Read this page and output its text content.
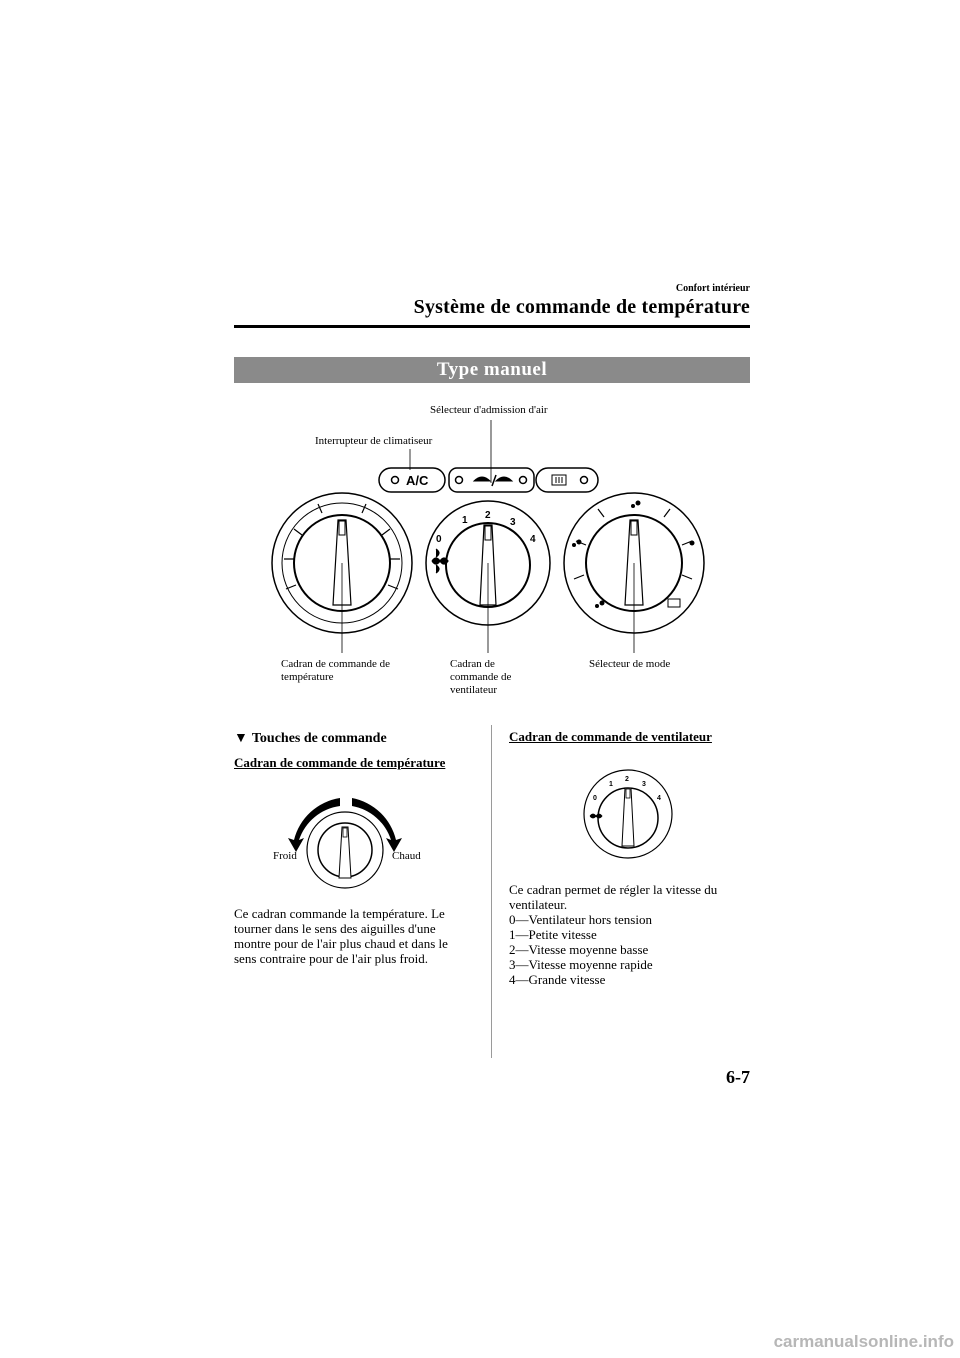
Confort intérieur
Système de commande de température
Type manuel
A/C
0
1 2
3
4
Sélecteur d'admission d'air
Interrupteur de climatiseur
Cadran de commande de
température
Cadran de
commande de
ventilateur
Sélecteur de mode
▼ Touches de commande
Cadran de commande de température
Froid	Chaud
Ce cadran commande la température. Le
tourner dans le sens des aiguilles d'une
montre pour de l'air plus chaud et dans le
sens contraire pour de l'air plus froid.
Cadran de commande de ventilateur
0
1
2
3
4
Ce cadran permet de régler la vitesse du
ventilateur.
0—Ventilateur hors tension
1—Petite vitesse
2—Vitesse moyenne basse
3—Vitesse moyenne rapide
4—Grande vitesse
6-7
carmanualsonline.info
